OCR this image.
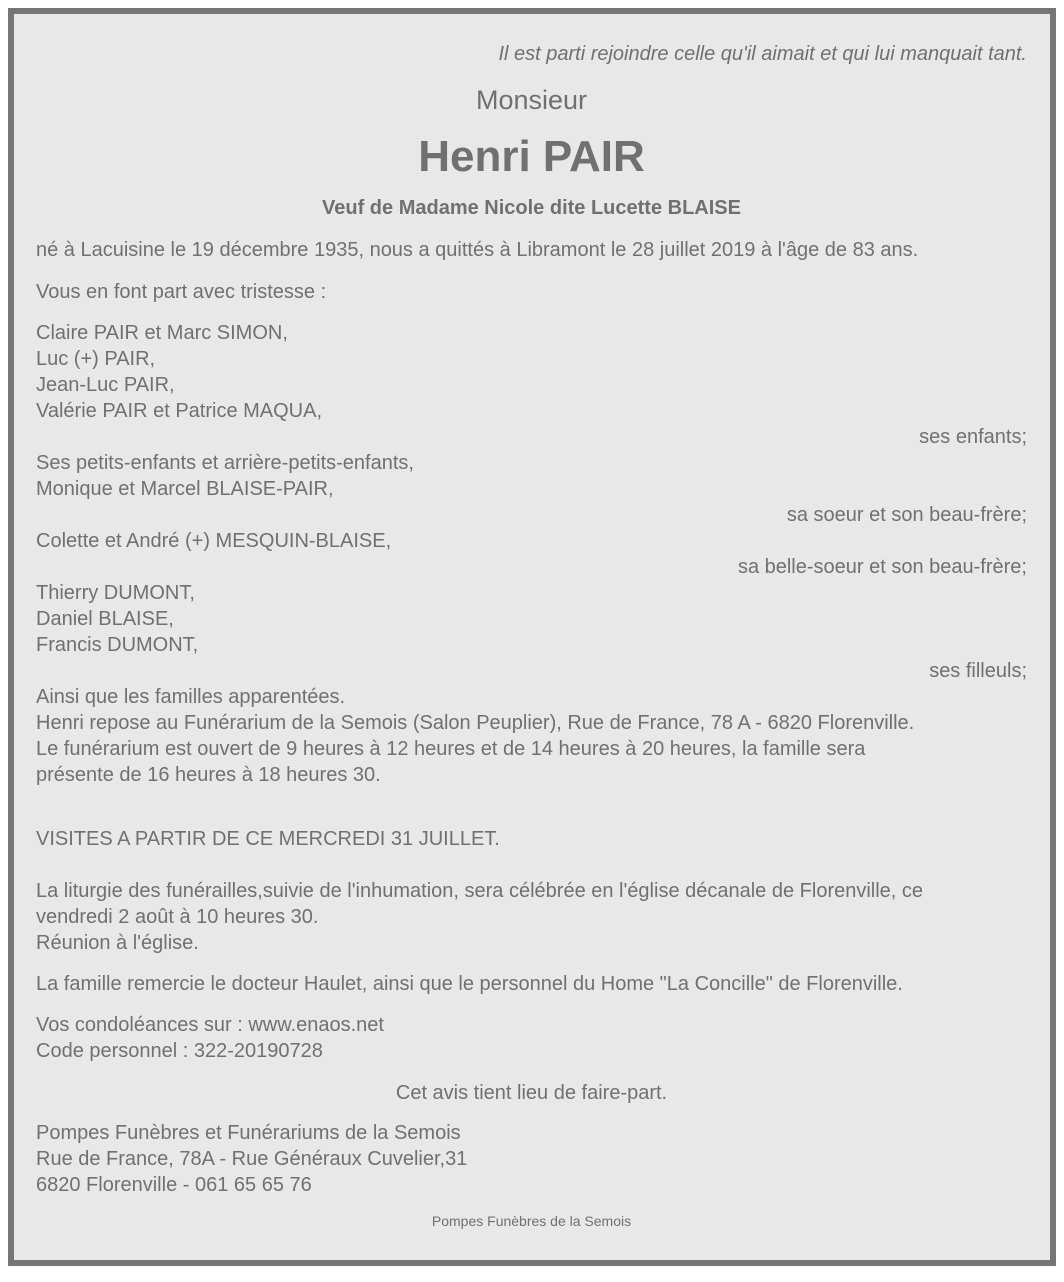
Il est parti rejoindre celle qu'il aimait et qui lui manquait tant.
Monsieur
Henri PAIR
Veuf de Madame Nicole dite Lucette BLAISE
né à Lacuisine le 19 décembre 1935, nous a quittés à Libramont le 28 juillet 2019 à l'âge de 83 ans.
Vous en font part avec tristesse :

Claire PAIR et Marc SIMON,

Luc (+) PAIR,

Jean-Luc PAIR,

Valérie PAIR et Patrice MAQUA,

ses enfants;

Ses petits-enfants et arrière-petits-enfants,

Monique et Marcel BLAISE-PAIR,

sa soeur et son beau-frère;

Colette et André (+) MESQUIN-BLAISE,

sa belle-soeur et son beau-frère;

Thierry DUMONT,

Daniel BLAISE,

Francis DUMONT,

ses filleuls;

Ainsi que les familles apparentées.

Henri repose au Funérarium de la Semois (Salon Peuplier), Rue de France, 78 A - 6820 Florenville.

Le funérarium est ouvert de 9 heures à 12 heures et de 14 heures à 20 heures, la famille sera

présente de 16 heures à 18 heures 30.

VISITES A PARTIR DE CE MERCREDI 31 JUILLET.

La liturgie des funérailles,suivie de l'inhumation, sera célébrée en l'église décanale de Florenville, ce

vendredi 2 août à 10 heures 30.

Réunion à l'église.

La famille remercie le docteur Haulet, ainsi que le personnel du Home "La Concille" de Florenville.

Vos condoléances sur : www.enaos.net

Code personnel : 322-20190728

Cet avis tient lieu de faire-part.

Pompes Funèbres et Funérariums de la Semois

Rue de France, 78A - Rue Généraux Cuvelier,31

6820 Florenville - 061 65 65 76

Pompes Funèbres de la Semois
